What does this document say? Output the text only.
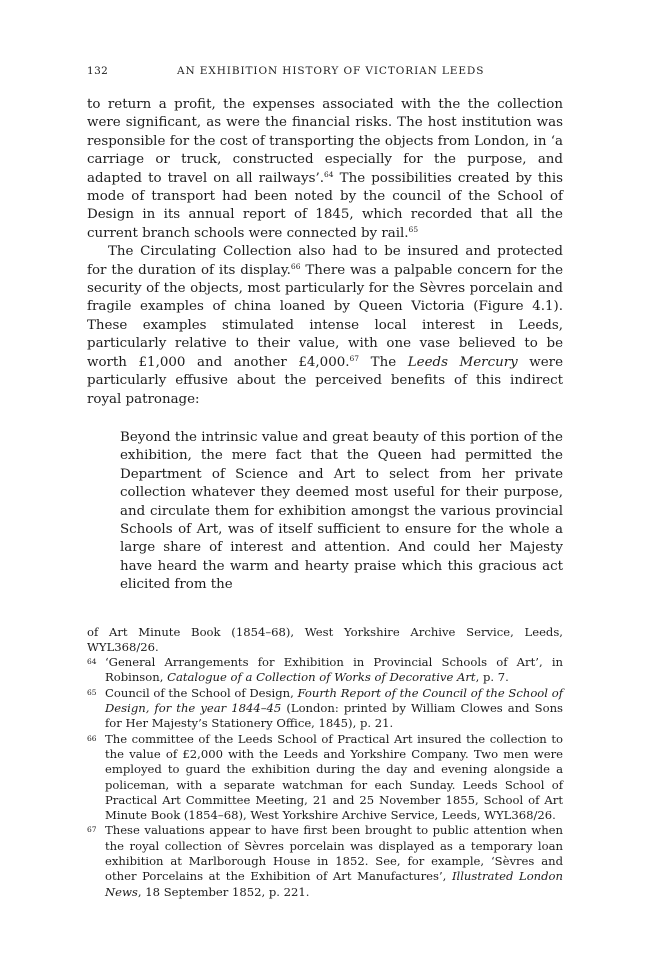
132	AN EXHIBITION HISTORY OF VICTORIAN LEEDS

to return a profit, the expenses associated with the the collection were significant, as were the financial risks. The host institution was responsible for the cost of transporting the objects from London, in ‘a carriage or truck, constructed especially for the purpose, and adapted to travel on all railways’.$^{64}$ The possibilities created by this mode of transport had been noted by the council of the School of Design in its annual report of 1845, which recorded that all the current branch schools were connected by rail.$^{65}$

The Circulating Collection also had to be insured and protected for the duration of its display.$^{66}$ There was a palpable concern for the security of the objects, most particularly for the Sèvres porcelain and fragile examples of china loaned by Queen Victoria (Figure 4.1). These examples stimulated intense local interest in Leeds, particularly relative to their value, with one vase believed to be worth £1,000 and another £4,000.67 The Leeds Mercury were particularly effusive about the perceived benefits of this indirect royal patronage:

Beyond the intrinsic value and great beauty of this portion of the exhibition, the mere fact that the Queen had permitted the Department of Science and Art to select from her private collection whatever they deemed most useful for their purpose, and circulate them for exhibition amongst the various provincial Schools of Art, was of itself sufficient to ensure for the whole a large share of interest and attention. And could her Majesty have heard the warm and hearty praise which this gracious act elicited from the
of Art Minute Book (1854–68), West Yorkshire Archive Service, Leeds, WYL368/26.
64 ‘General Arrangements for Exhibition in Provincial Schools of Art’, in Robinson, Catalogue of a Collection of Works of Decorative Art, p. 7.
65 Council of the School of Design, Fourth Report of the Council of the School of Design, for the year 1844–45 (London: printed by William Clowes and Sons for Her Majesty’s Stationery Office, 1845), p. 21.
66 The committee of the Leeds School of Practical Art insured the collection to the value of £2,000 with the Leeds and Yorkshire Company. Two men were employed to guard the exhibition during the day and evening alongside a policeman, with a separate watchman for each Sunday. Leeds School of Practical Art Committee Meeting, 21 and 25 November 1855, School of Art Minute Book (1854–68), West Yorkshire Archive Service, Leeds, WYL368/26.
67 These valuations appear to have first been brought to public attention when the royal collection of Sèvres porcelain was displayed as a temporary loan exhibition at Marlborough House in 1852. See, for example, ‘Sèvres and other Porcelains at the Exhibition of Art Manufactures’, Illustrated London News, 18 September 1852, p. 221.
